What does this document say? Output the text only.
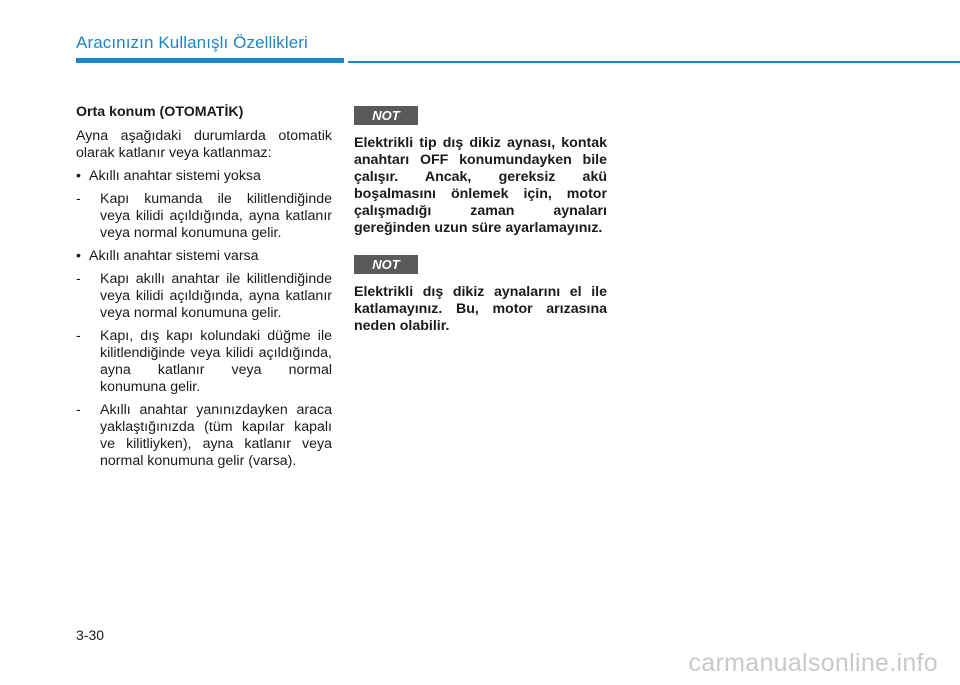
Aracınızın Kullanışlı Özellikleri

Orta konum (OTOMATİK)

Ayna aşağıdaki durumlarda otomatik olarak katlanır veya katlanmaz:

• Akıllı anahtar sistemi yoksa

- Kapı kumanda ile kilitlendiğinde veya kilidi açıldığında, ayna katlanır veya normal konumuna gelir.

• Akıllı anahtar sistemi varsa

- Kapı akıllı anahtar ile kilitlendiğinde veya kilidi açıldığında, ayna katlanır veya normal konumuna gelir.

- Kapı, dış kapı kolundaki düğme ile kilitlendiğinde veya kilidi açıldığında, ayna katlanır veya normal konumuna gelir.

- Akıllı anahtar yanınızdayken araca yaklaştığınızda (tüm kapılar kapalı ve kilitliyken), ayna katlanır veya normal konumuna gelir (varsa).

NOT

Elektrikli tip dış dikiz aynası, kontak anahtarı OFF konumundayken bile çalışır. Ancak, gereksiz akü boşalmasını önlemek için, motor çalışmadığı zaman aynaları gereğinden uzun süre ayarlamayınız.

NOT

Elektrikli dış dikiz aynalarını el ile katlamayınız. Bu, motor arızasına neden olabilir.

3-30
carmanualsonline.info
